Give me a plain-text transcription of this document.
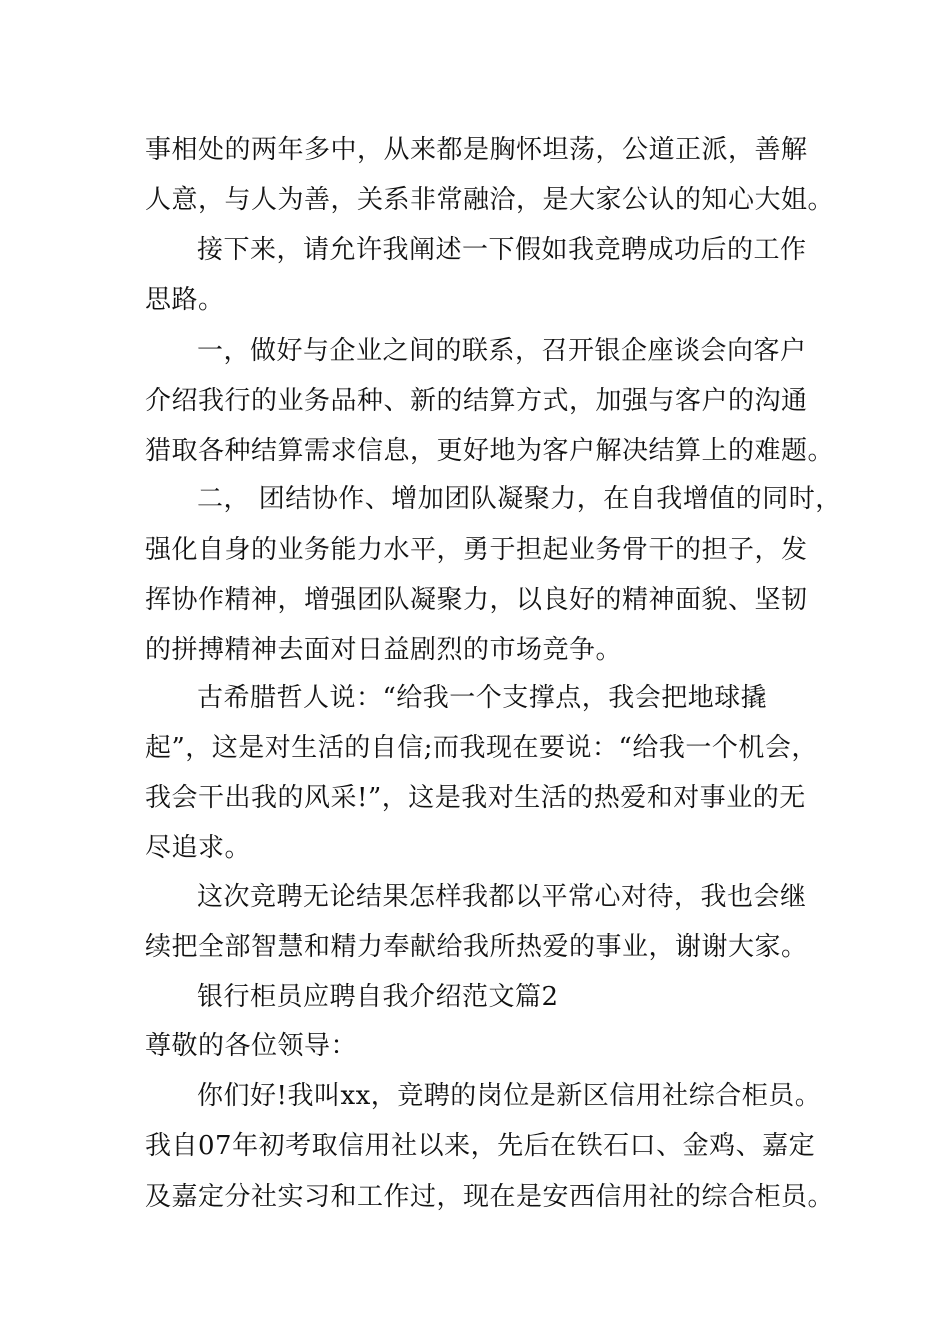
事相处的两年多中，从来都是胸怀坦荡，公道正派，善解
人意，与人为善，关系非常融洽，是大家公认的知心大姐。
接下来，请允许我阐述一下假如我竞聘成功后的工作
思路。
一，做好与企业之间的联系，召开银企座谈会向客户
介绍我行的业务品种、新的结算方式，加强与客户的沟通
猎取各种结算需求信息，更好地为客户解决结算上的难题。
二， 团结协作、增加团队凝聚力，在自我增值的同时，
强化自身的业务能力水平，勇于担起业务骨干的担子，发
挥协作精神，增强团队凝聚力，以良好的精神面貌、坚韧
的拼搏精神去面对日益剧烈的市场竞争。
古希腊哲人说：“给我一个支撑点，我会把地球撬
起”，这是对生活的自信;而我现在要说：“给我一个机会，
我会干出我的风采!”，这是我对生活的热爱和对事业的无
尽追求。
这次竞聘无论结果怎样我都以平常心对待，我也会继
续把全部智慧和精力奉献给我所热爱的事业，谢谢大家。
银行柜员应聘自我介绍范文篇2
尊敬的各位领导：
你们好!我叫xx，竞聘的岗位是新区信用社综合柜员。
我自07年初考取信用社以来，先后在铁石口、金鸡、嘉定
及嘉定分社实习和工作过，现在是安西信用社的综合柜员。
